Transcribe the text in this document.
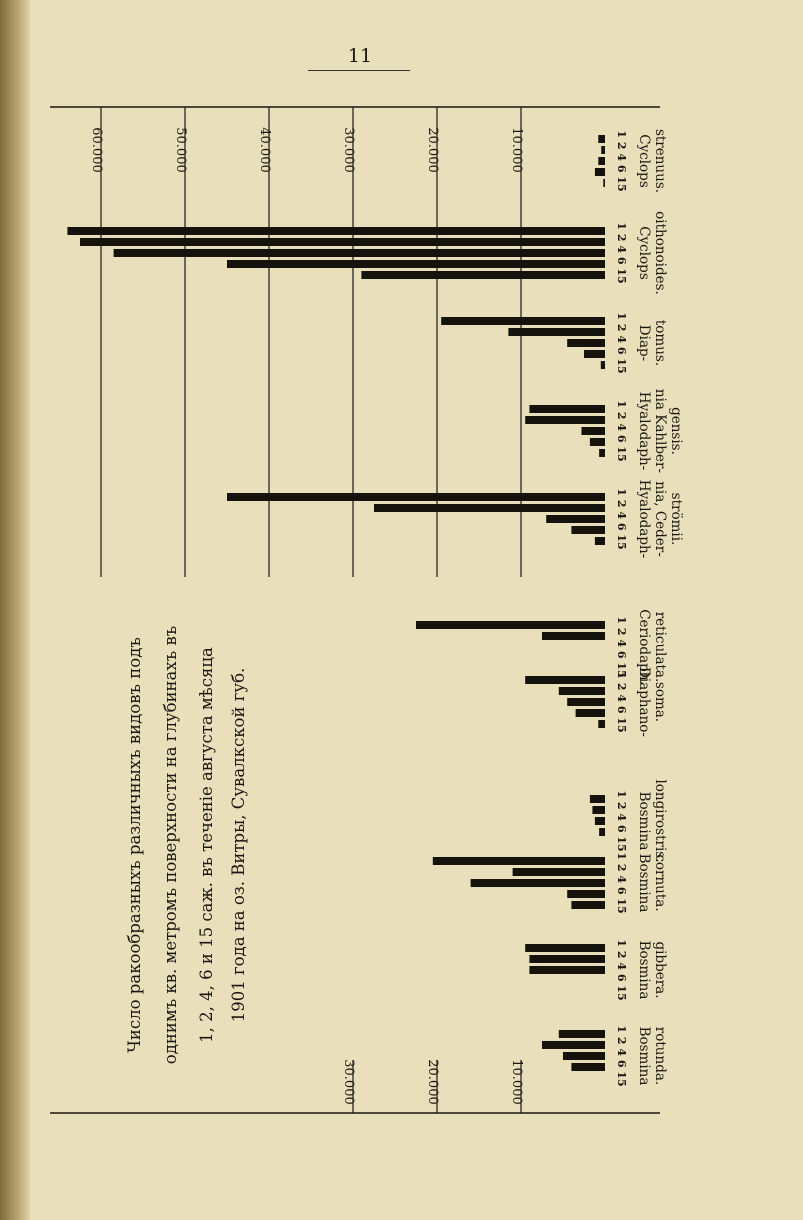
11
10.000
20.000
30.000
40.000
50.000
60.000
10.000
20.000
30.000
Число ракообразныхъ различныхъ видовъ подъ однимъ кв. метромъ поверхности на глубинахъ въ 1, 2, 4, 6 и 15 саж. въ теченіе августа мѣсяца 1901 года на оз. Витры, Сувалкской губ.
1 2 4 6 15 Cyclops strenuus.
1 2 4 6 15 Cyclops oithonoides.
1 2 4 6 15 Diap- tomus.
1 2 4 6 15 Hyalodaph- nia Kahlber- gensis.
1 2 4 6 15 Hyalodaph- nia, Ceder- strömii.
1 2 4 6 15 Ceriodaph. reticulata.
1 2 4 6 15 Diaphano- soma.
1 2 4 6 15 Bosmina longirostris.
1 2 4 6 15 Bosmina cornuta.
1 2 4 6 15 Bosmina gibbera.
1 2 4 6 15 Bosmina rotunda.
